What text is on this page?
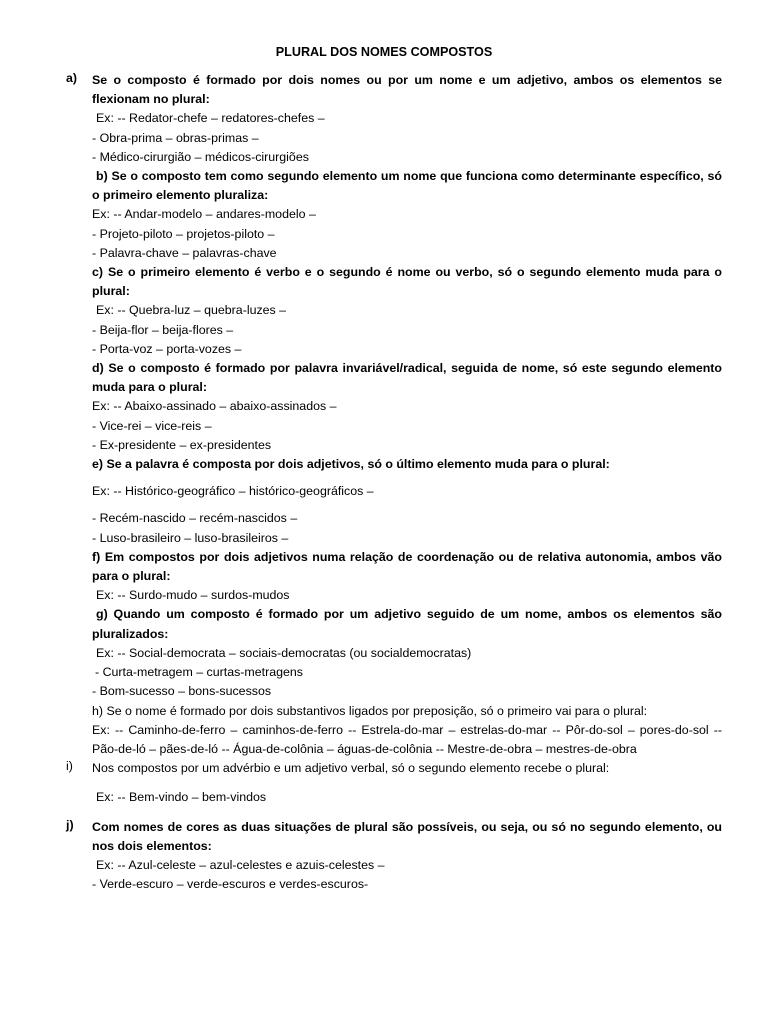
PLURAL DOS NOMES COMPOSTOS
a) Se o composto é formado por dois nomes ou por um nome e um adjetivo, ambos os elementos se flexionam no plural:

Ex: -- Redator-chefe – redatores-chefes –

- Obra-prima – obras-primas –

- Médico-cirurgião – médicos-cirurgiões

b) Se o composto tem como segundo elemento um nome que funciona como determinante específico, só o primeiro elemento pluraliza:

Ex: -- Andar-modelo – andares-modelo –

- Projeto-piloto – projetos-piloto –

- Palavra-chave – palavras-chave

c) Se o primeiro elemento é verbo e o segundo é nome ou verbo, só o segundo elemento muda para o plural:

Ex: -- Quebra-luz – quebra-luzes –

- Beija-flor – beija-flores –

- Porta-voz – porta-vozes –

d) Se o composto é formado por palavra invariável/radical, seguida de nome, só este segundo elemento muda para o plural:

Ex: -- Abaixo-assinado – abaixo-assinados –

- Vice-rei – vice-reis –

- Ex-presidente – ex-presidentes

e) Se a palavra é composta por dois adjetivos, só o último elemento muda para o plural:

Ex: -- Histórico-geográfico – histórico-geográficos –

- Recém-nascido – recém-nascidos –

- Luso-brasileiro – luso-brasileiros –

f) Em compostos por dois adjetivos numa relação de coordenação ou de relativa autonomia, ambos vão para o plural:

Ex: -- Surdo-mudo – surdos-mudos

g) Quando um composto é formado por um adjetivo seguido de um nome, ambos os elementos são pluralizados:

Ex: -- Social-democrata – sociais-democratas (ou socialdemocratas)

- Curta-metragem – curtas-metragens

- Bom-sucesso – bons-sucessos

h) Se o nome é formado por dois substantivos ligados por preposição, só o primeiro vai para o plural:

Ex: -- Caminho-de-ferro – caminhos-de-ferro -- Estrela-do-mar – estrelas-do-mar -- Pôr-do-sol – pores-do-sol -- Pão-de-ló – pães-de-ló -- Água-de-colônia – águas-de-colônia -- Mestre-de-obra – mestres-de-obra

i) Nos compostos por um advérbio e um adjetivo verbal, só o segundo elemento recebe o plural:

Ex: -- Bem-vindo – bem-vindos

j) Com nomes de cores as duas situações de plural são possíveis, ou seja, ou só no segundo elemento, ou nos dois elementos:

Ex: -- Azul-celeste – azul-celestes e azuis-celestes –

- Verde-escuro – verde-escuros e verdes-escuros-
